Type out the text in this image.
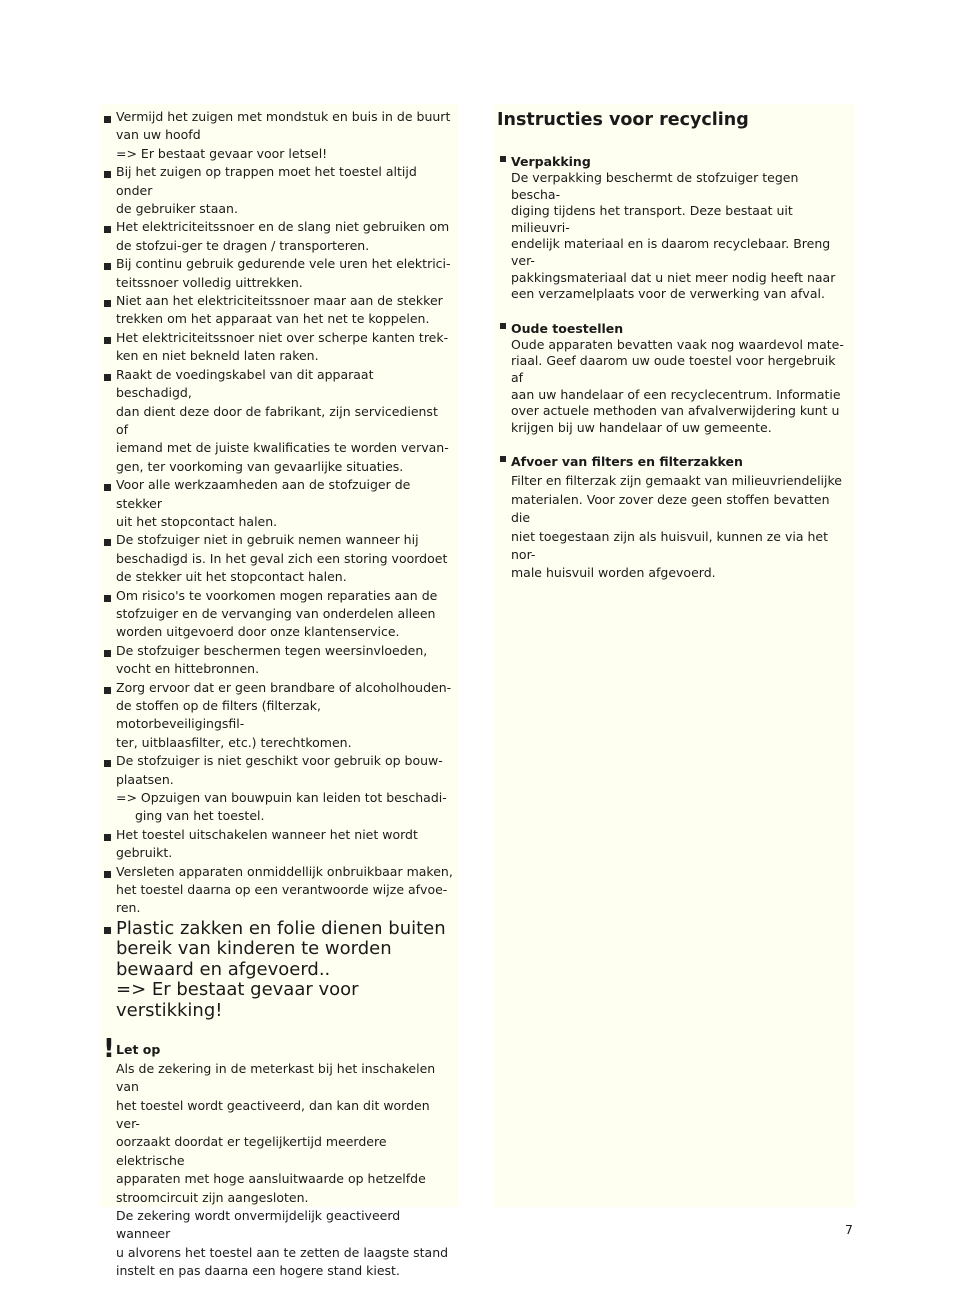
Vermijd het zuigen met mondstuk en buis in de buurt
van uw hoofd
=> Er bestaat gevaar voor letsel!
Bij het zuigen op trappen moet het toestel altijd onder
de gebruiker staan.
Het elektriciteitssnoer en de slang niet gebruiken om
de stofzui-ger te dragen / transporteren.
Bij continu gebruik gedurende vele uren het elektrici-
teitssnoer volledig uittrekken.
Niet aan het elektriciteitssnoer maar aan de stekker
trekken om het apparaat van het net te koppelen.
Het elektriciteitssnoer niet over scherpe kanten trek-
ken en niet bekneld laten raken.
Raakt de voedingskabel van dit apparaat beschadigd,
dan dient deze door de fabrikant, zijn servicedienst of
iemand met de juiste kwalificaties te worden vervan-
gen, ter voorkoming van gevaarlijke situaties.
Voor alle werkzaamheden aan de stofzuiger de stekker
uit het stopcontact halen.
De stofzuiger niet in gebruik nemen wanneer hij
beschadigd is. In het geval zich een storing voordoet
de stekker uit het stopcontact halen.
Om risico's te voorkomen mogen reparaties aan de
stofzuiger en de vervanging van onderdelen alleen
worden uitgevoerd door onze klantenservice.
De stofzuiger beschermen tegen weersinvloeden,
vocht en hittebronnen.
Zorg ervoor dat er geen brandbare of alcoholhouden-
de stoffen op de filters (filterzak, motorbeveiligingsfil-
ter, uitblaasfilter, etc.) terechtkomen.
De stofzuiger is niet geschikt voor gebruik op bouw-
plaatsen.
=> Opzuigen van bouwpuin kan leiden tot beschadi-
ging van het toestel.
Het toestel uitschakelen wanneer het niet wordt
gebruikt.
Versleten apparaten onmiddellijk onbruikbaar maken,
het toestel daarna op een verantwoorde wijze afvoe-
ren.
Plastic zakken en folie dienen buiten
bereik van kinderen te worden
bewaard en afgevoerd..
=> Er bestaat gevaar voor verstikking!
! Let op

Als de zekering in de meterkast bij het inschakelen van
het toestel wordt geactiveerd, dan kan dit worden ver-
oorzaakt doordat er tegelijkertijd meerdere elektrische
apparaten met hoge aansluitwaarde op hetzelfde
stroomcircuit zijn aangesloten.

De zekering wordt onvermijdelijk geactiveerd wanneer
u alvorens het toestel aan te zetten de laagste stand
instelt en pas daarna een hogere stand kiest.

Instructies voor recycling
Verpakking
De verpakking beschermt de stofzuiger tegen bescha-
diging tijdens het transport. Deze bestaat uit milieuvri-
endelijk materiaal en is daarom recyclebaar. Breng ver-
pakkingsmateriaal dat u niet meer nodig heeft naar
een verzamelplaats voor de verwerking van afval.
Oude toestellen
Oude apparaten bevatten vaak nog waardevol mate-
riaal. Geef daarom uw oude toestel voor hergebruik af
aan uw handelaar of een recyclecentrum. Informatie
over actuele methoden van afvalverwijdering kunt u
krijgen bij uw handelaar of uw gemeente.
Afvoer van filters en filterzakken
Filter en filterzak zijn gemaakt van milieuvriendelijke
materialen. Voor zover deze geen stoffen bevatten die
niet toegestaan zijn als huisvuil, kunnen ze via het nor-
male huisvuil worden afgevoerd.
7
